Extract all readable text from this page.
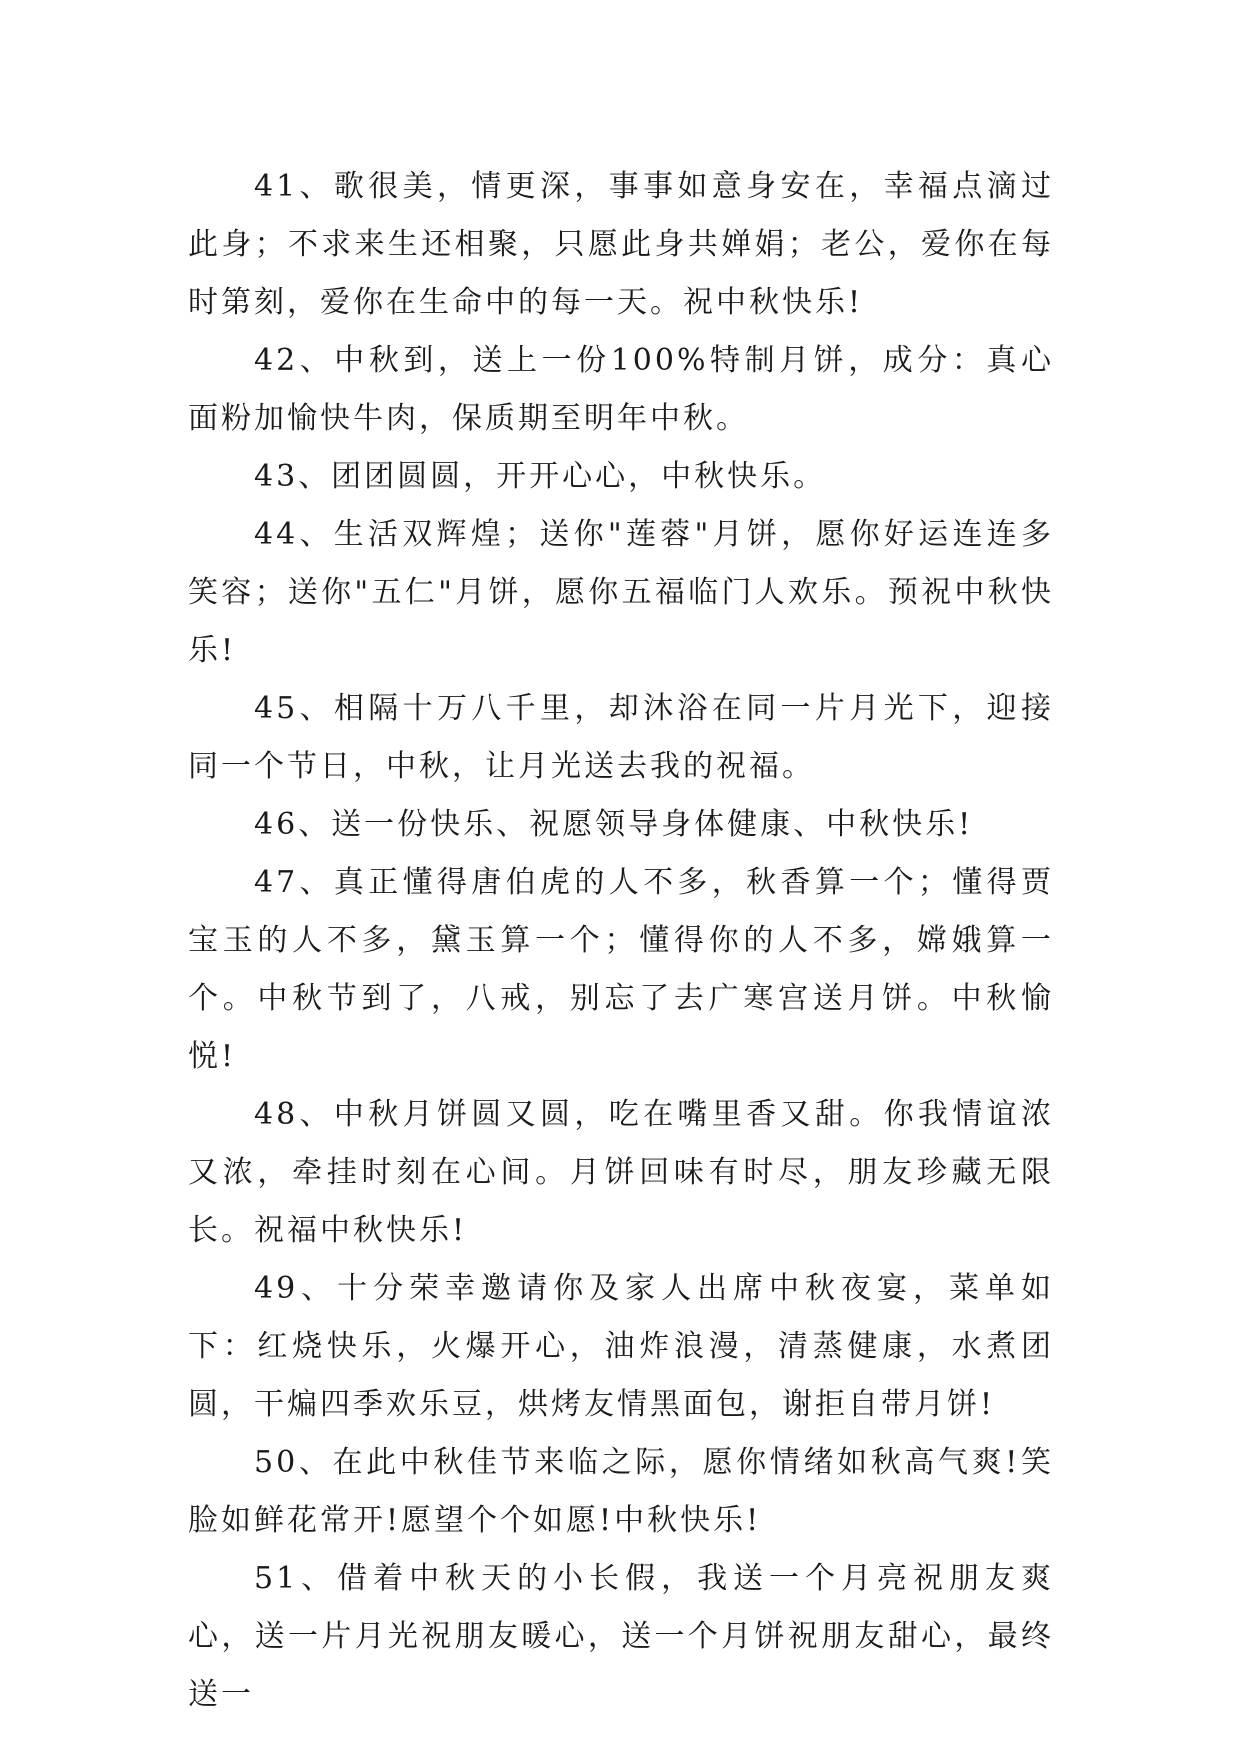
41、歌很美，情更深，事事如意身安在，幸福点滴过此身；不求来生还相聚，只愿此身共婵娟；老公，爱你在每时第刻，爱你在生命中的每一天。祝中秋快乐!

42、中秋到，送上一份100%特制月饼，成分：真心面粉加愉快牛肉，保质期至明年中秋。

43、团团圆圆，开开心心，中秋快乐。

44、生活双辉煌；送你"莲蓉"月饼，愿你好运连连多笑容；送你"五仁"月饼，愿你五福临门人欢乐。预祝中秋快乐!

45、相隔十万八千里，却沐浴在同一片月光下，迎接同一个节日，中秋，让月光送去我的祝福。

46、送一份快乐、祝愿领导身体健康、中秋快乐!

47、真正懂得唐伯虎的人不多，秋香算一个；懂得贾宝玉的人不多，黛玉算一个；懂得你的人不多，嫦娥算一个。中秋节到了，八戒，别忘了去广寒宫送月饼。中秋愉悦!

48、中秋月饼圆又圆，吃在嘴里香又甜。你我情谊浓又浓，牵挂时刻在心间。月饼回味有时尽，朋友珍藏无限长。祝福中秋快乐!

49、十分荣幸邀请你及家人出席中秋夜宴，菜单如下：红烧快乐，火爆开心，油炸浪漫，清蒸健康，水煮团圆，干煸四季欢乐豆，烘烤友情黑面包，谢拒自带月饼!

50、在此中秋佳节来临之际，愿你情绪如秋高气爽!笑脸如鲜花常开!愿望个个如愿!中秋快乐!

51、借着中秋天的小长假，我送一个月亮祝朋友爽心，送一片月光祝朋友暖心，送一个月饼祝朋友甜心，最终送一
